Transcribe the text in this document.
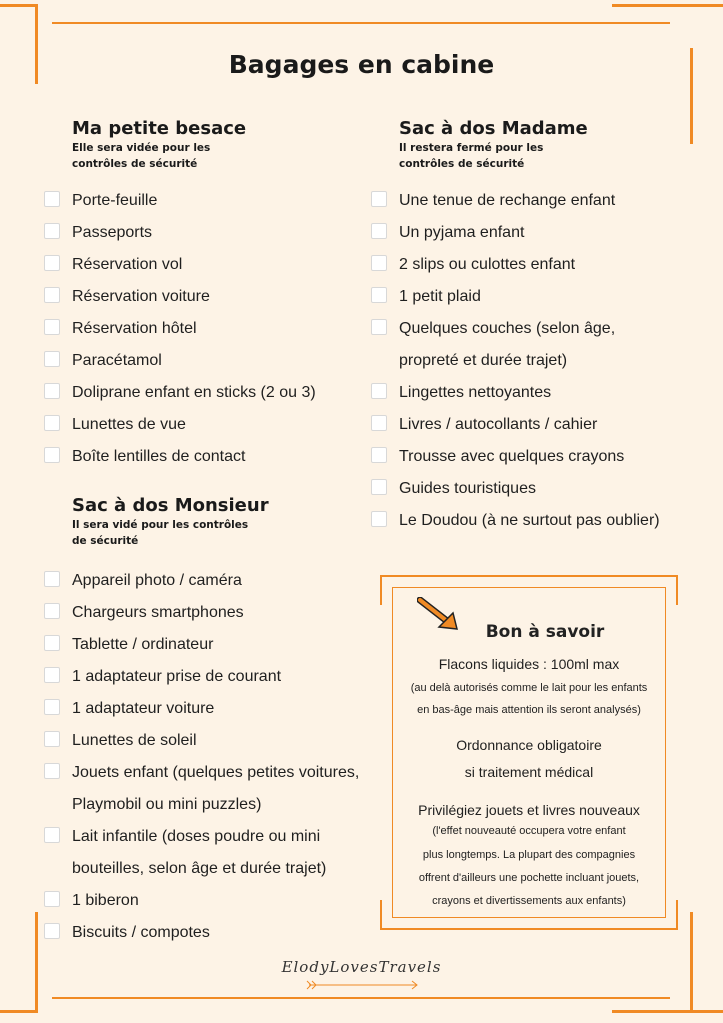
Bagages en cabine
Ma petite besace
Elle sera vidée pour les
contrôles de sécurité
Porte-feuille
Passeports
Réservation vol
Réservation voiture
Réservation hôtel
Paracétamol
Doliprane enfant en sticks (2 ou 3)
Lunettes de vue
Boîte lentilles de contact
Sac à dos Monsieur
Il sera vidé pour les contrôles
de sécurité
Appareil photo / caméra
Chargeurs smartphones
Tablette / ordinateur
1 adaptateur prise de courant
1 adaptateur voiture
Lunettes de soleil
Jouets enfant (quelques petites voitures,
Playmobil ou mini puzzles)
Lait infantile (doses poudre ou mini
bouteilles, selon âge et durée trajet)
1 biberon
Biscuits / compotes
Sac à dos Madame
Il restera fermé pour les
contrôles de sécurité
Une tenue de rechange enfant
Un pyjama enfant
2 slips ou culottes enfant
1 petit plaid
Quelques couches (selon âge,
propreté et durée trajet)
Lingettes nettoyantes
Livres / autocollants / cahier
Trousse avec quelques crayons
Guides touristiques
Le Doudou (à ne surtout pas oublier)
Bon à savoir
Flacons liquides : 100ml max
(au delà autorisés comme le lait pour les enfants
en bas-âge mais attention ils seront analysés)
Ordonnance obligatoire
si traitement médical
Privilégiez jouets et livres nouveaux
(l'effet nouveauté occupera votre enfant
plus longtemps. La plupart des compagnies
offrent d'ailleurs une pochette incluant jouets,
crayons et divertissements aux enfants)
ElodyLovesTravels
